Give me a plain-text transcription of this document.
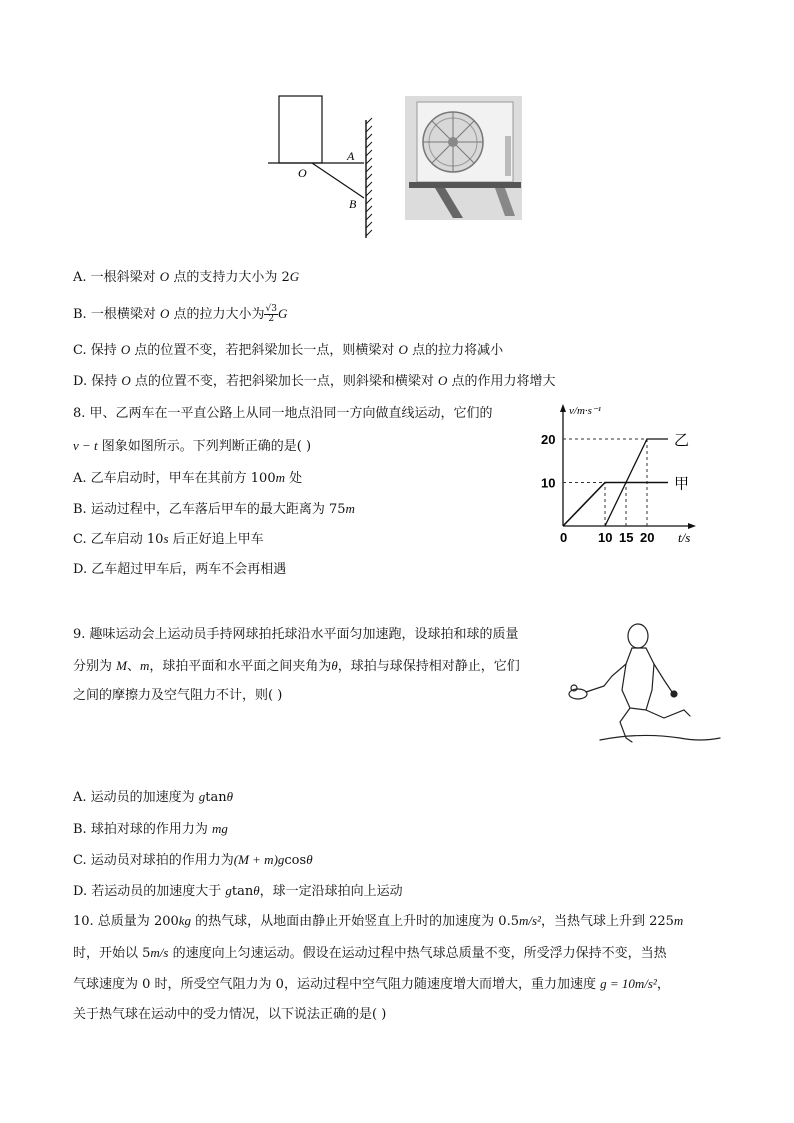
A
O
B
A. 一根斜梁对 O 点的支持力大小为 2G
B. 一根横梁对 O 点的拉力大小为 $\frac{√3}{2}$ G
C. 保持 O 点的位置不变，若把斜梁加长一点，则横梁对 O 点的拉力将减小
D. 保持 O 点的位置不变，若把斜梁加长一点，则斜梁和横梁对 O 点的作用力将增大
8. 甲、乙两车在一平直公路上从同一地点沿同一方向做直线运动，它们的
v − t 图象如图所示。下列判断正确的是( )
A. 乙车启动时，甲车在其前方 100m 处
B. 运动过程中，乙车落后甲车的最大距离为 75m
C. 乙车启动 10s 后正好追上甲车
D. 乙车超过甲车后，两车不会再相遇
v/m·s⁻¹
t/s
0 10 15 20
10
20
甲
乙
9. 趣味运动会上运动员手持网球拍托球沿水平面匀加速跑，设球拍和球的质量
分别为 M、m，球拍平面和水平面之间夹角为θ，球拍与球保持相对静止，它们
之间的摩擦力及空气阻力不计，则( )
A. 运动员的加速度为 gtanθ
B. 球拍对球的作用力为 mg
C. 运动员对球拍的作用力为(M + m)gcosθ
D. 若运动员的加速度大于 gtanθ，球一定沿球拍向上运动
10. 总质量为 200kg 的热气球，从地面由静止开始竖直上升时的加速度为 0.5m/s²，当热气球上升到 225m
时，开始以 5m/s 的速度向上匀速运动。假设在运动过程中热气球总质量不变，所受浮力保持不变，当热
气球速度为 0 时，所受空气阻力为 0，运动过程中空气阻力随速度增大而增大，重力加速度 g = 10m/s²，
关于热气球在运动中的受力情况，以下说法正确的是( )
